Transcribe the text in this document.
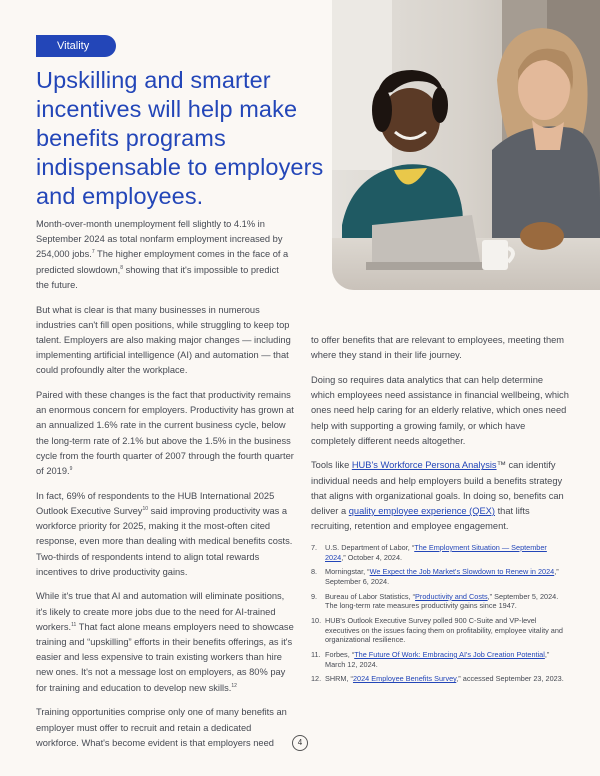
Vitality
Upskilling and smarter incentives will help make benefits programs indispensable to employers and employees.

Month-over-month unemployment fell slightly to 4.1% in September 2024 as total nonfarm employment increased by 254,000 jobs.$^7$ The higher employment comes in the face of a predicted slowdown,$^8$ showing that it's impossible to predict the future.

But what is clear is that many businesses in numerous industries can't fill open positions, while struggling to keep top talent. Employers are also making major changes — including implementing artificial intelligence (AI) and automation — that could profoundly alter the workplace.

Paired with these changes is the fact that productivity remains an enormous concern for employers. Productivity has grown at an annualized 1.6% rate in the current business cycle, below the long-term rate of 2.1% but above the 1.5% in the business cycle from the fourth quarter of 2007 through the fourth quarter of 2019.$^9$

In fact, 69% of respondents to the HUB International 2025 Outlook Executive Survey$^{10}$ said improving productivity was a workforce priority for 2025, making it the most-often cited response, even more than dealing with medical benefits costs. Two-thirds of respondents intend to align total rewards incentives to drive productivity gains.

While it's true that AI and automation will eliminate positions, it's likely to create more jobs due to the need for AI-trained workers.$^{11}$ That fact alone means employers need to showcase training and “upskilling” efforts in their benefits offerings, as it's easier and less expensive to train existing workers than hire new ones. It's not a message lost on employers, as 80% pay for training and education to develop new skills.$^{12}$

Training opportunities comprise only one of many benefits an employer must offer to recruit and retain a dedicated workforce. What's become evident is that employers need

to offer benefits that are relevant to employees, meeting them where they stand in their life journey.

Doing so requires data analytics that can help determine which employees need assistance in financial wellbeing, which ones need help caring for an elderly relative, which ones need help with supporting a growing family, or which have completely different needs altogether.

Tools like HUB's Workforce Persona Analysis™ can identify individual needs and help employers build a benefits strategy that aligns with organizational goals. In doing so, benefits can deliver a quality employee experience (QEX) that lifts recruiting, retention and employee engagement.

7.	U.S. Department of Labor, “The Employment Situation — September 2024,” October 4, 2024.
8.	Morningstar, “We Expect the Job Market's Slowdown to Renew in 2024,” September 6, 2024.
9.	Bureau of Labor Statistics, “Productivity and Costs,” September 5, 2024. The long-term rate measures productivity gains since 1947.
10. HUB's Outlook Executive Survey polled 900 C-Suite and VP-level executives on the issues facing them on profitability, employee vitality and organizational resilience.
11. Forbes, “The Future Of Work: Embracing AI's Job Creation Potential,” March 12, 2024.
12. SHRM, “2024 Employee Benefits Survey,” accessed September 23, 2023.
4
